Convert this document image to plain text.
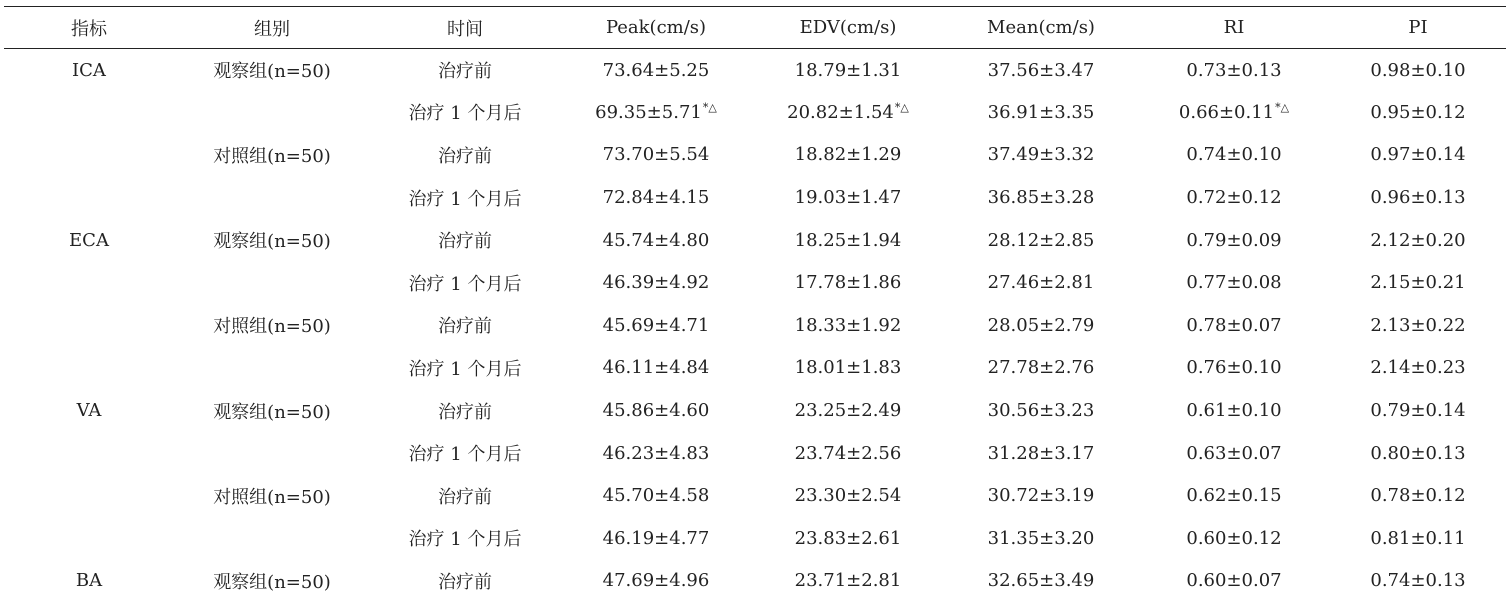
指标	组别	时间	Peak(cm/s)	EDV(cm/s)	Mean(cm/s)	RI	PI
ICA	观察组(n=50)	治疗前	73.64±5.25	18.79±1.31	37.56±3.47	0.73±0.13	0.98±0.10
		治疗 1 个月后	69.35±5.71*△	20.82±1.54*△	36.91±3.35	0.66±0.11*△	0.95±0.12
	对照组(n=50)	治疗前	73.70±5.54	18.82±1.29	37.49±3.32	0.74±0.10	0.97±0.14
		治疗 1 个月后	72.84±4.15	19.03±1.47	36.85±3.28	0.72±0.12	0.96±0.13
ECA	观察组(n=50)	治疗前	45.74±4.80	18.25±1.94	28.12±2.85	0.79±0.09	2.12±0.20
		治疗 1 个月后	46.39±4.92	17.78±1.86	27.46±2.81	0.77±0.08	2.15±0.21
	对照组(n=50)	治疗前	45.69±4.71	18.33±1.92	28.05±2.79	0.78±0.07	2.13±0.22
		治疗 1 个月后	46.11±4.84	18.01±1.83	27.78±2.76	0.76±0.10	2.14±0.23
VA	观察组(n=50)	治疗前	45.86±4.60	23.25±2.49	30.56±3.23	0.61±0.10	0.79±0.14
		治疗 1 个月后	46.23±4.83	23.74±2.56	31.28±3.17	0.63±0.07	0.80±0.13
	对照组(n=50)	治疗前	45.70±4.58	23.30±2.54	30.72±3.19	0.62±0.15	0.78±0.12
		治疗 1 个月后	46.19±4.77	23.83±2.61	31.35±3.20	0.60±0.12	0.81±0.11
BA	观察组(n=50)	治疗前	47.69±4.96	23.71±2.81	32.65±3.49	0.60±0.07	0.74±0.13
